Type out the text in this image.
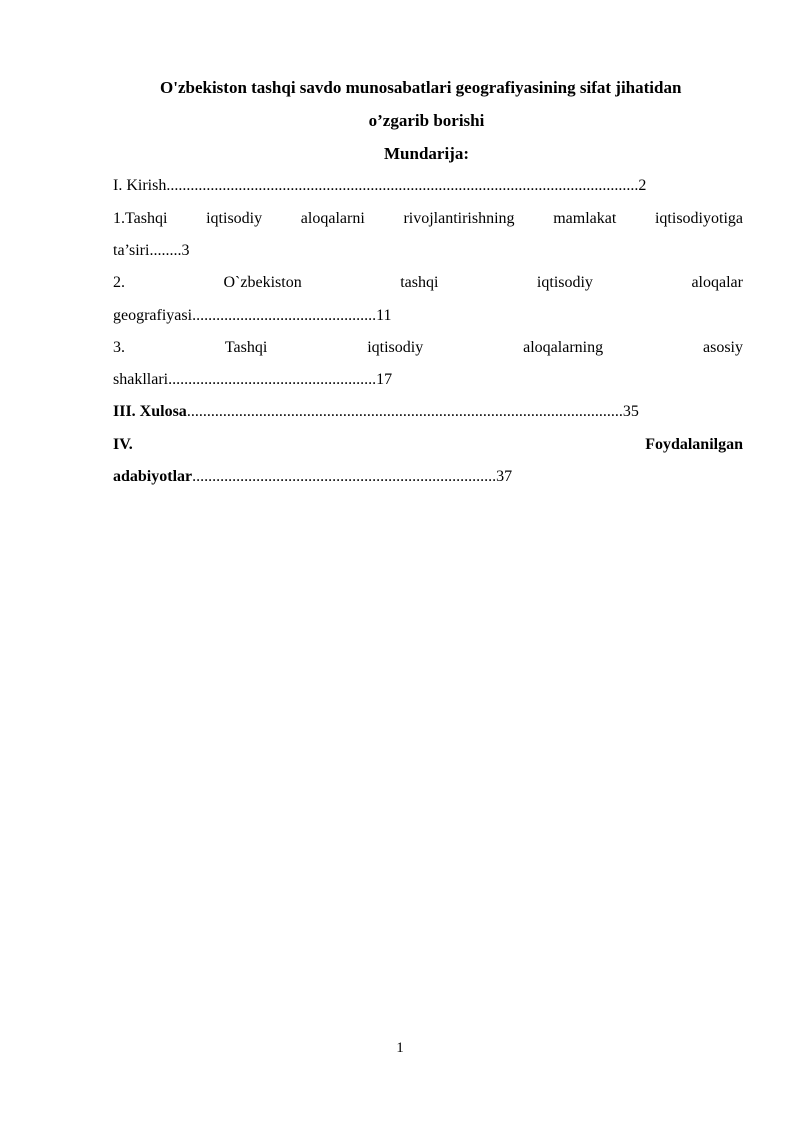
O'zbekiston tashqi savdo munosabatlari geografiyasining sifat jihatidan
o’zgarib borishi
Mundarija:
I. Kirish......................................................................................................................2
1.Tashqi iqtisodiy aloqalarni rivojlantirishning mamlakat iqtisodiyotiga
ta’siri........3
2.	O`zbekiston	tashqi	iqtisodiy	aloqalar
geografiyasi..............................................11
3.	Tashqi	iqtisodiy	aloqalarning	asosiy
shakllari....................................................17
III. Xulosa.............................................................................................................35
IV.	Foydalanilgan
adabiyotlar............................................................................37
1
